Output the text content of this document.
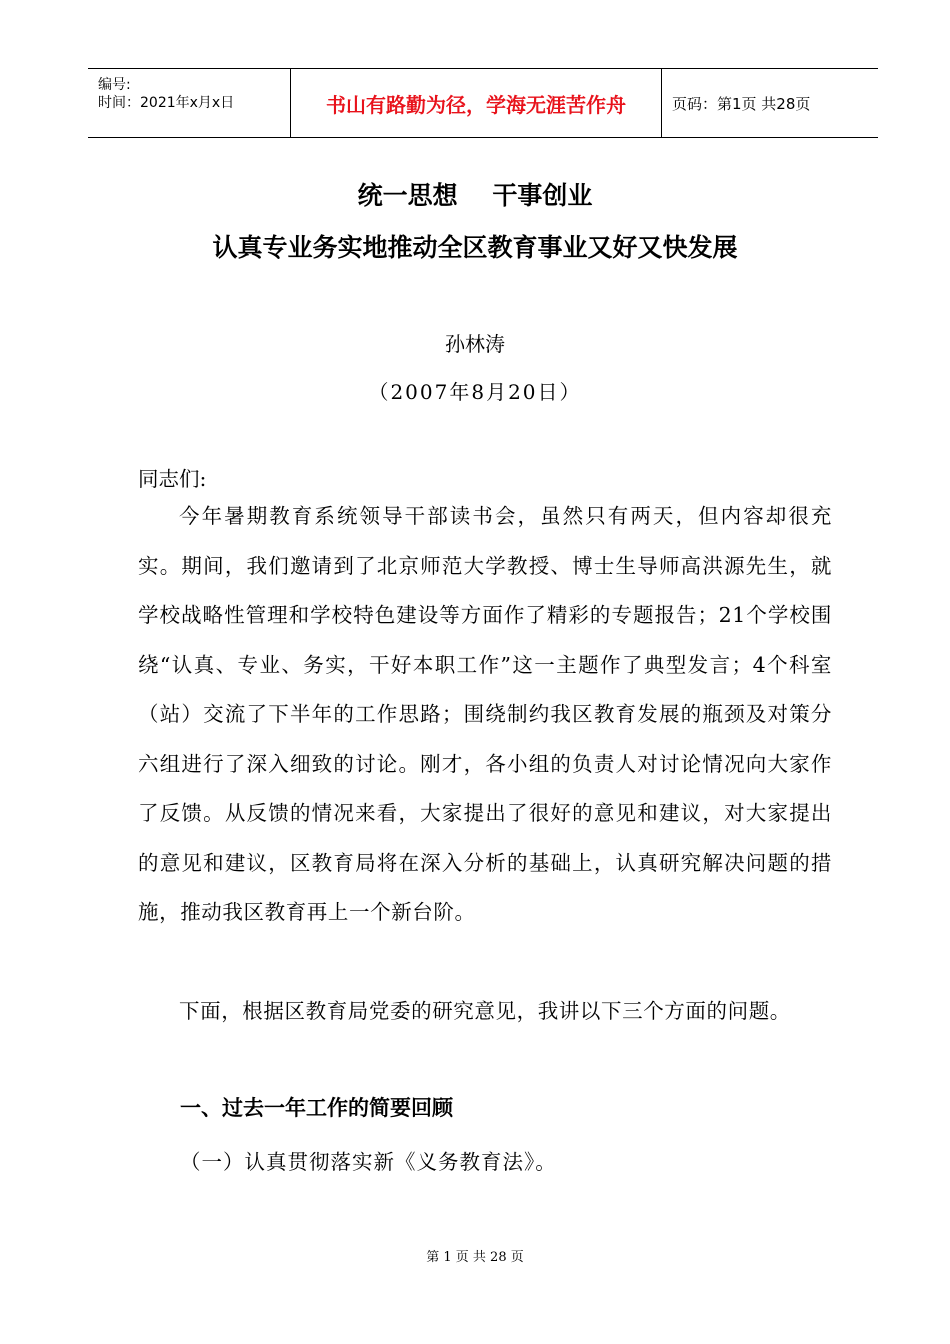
编号:
时间：2021年x月x日	书山有路勤为径，学海无涯苦作舟	页码：第1页 共28页
统一思想    干事创业
认真专业务实地推动全区教育事业又好又快发展
孙林涛
（2007年8月20日）
同志们:

今年暑期教育系统领导干部读书会，虽然只有两天，但内容却很充实。期间，我们邀请到了北京师范大学教授、博士生导师高洪源先生，就学校战略性管理和学校特色建设等方面作了精彩的专题报告；21个学校围绕“认真、专业、务实，干好本职工作”这一主题作了典型发言；4个科室（站）交流了下半年的工作思路；围绕制约我区教育发展的瓶颈及对策分六组进行了深入细致的讨论。刚才，各小组的负责人对讨论情况向大家作了反馈。从反馈的情况来看，大家提出了很好的意见和建议，对大家提出的意见和建议，区教育局将在深入分析的基础上，认真研究解决问题的措施，推动我区教育再上一个新台阶。

下面，根据区教育局党委的研究意见，我讲以下三个方面的问题。

一、过去一年工作的简要回顾
（一）认真贯彻落实新《义务教育法》。
第 1 页 共 28 页
